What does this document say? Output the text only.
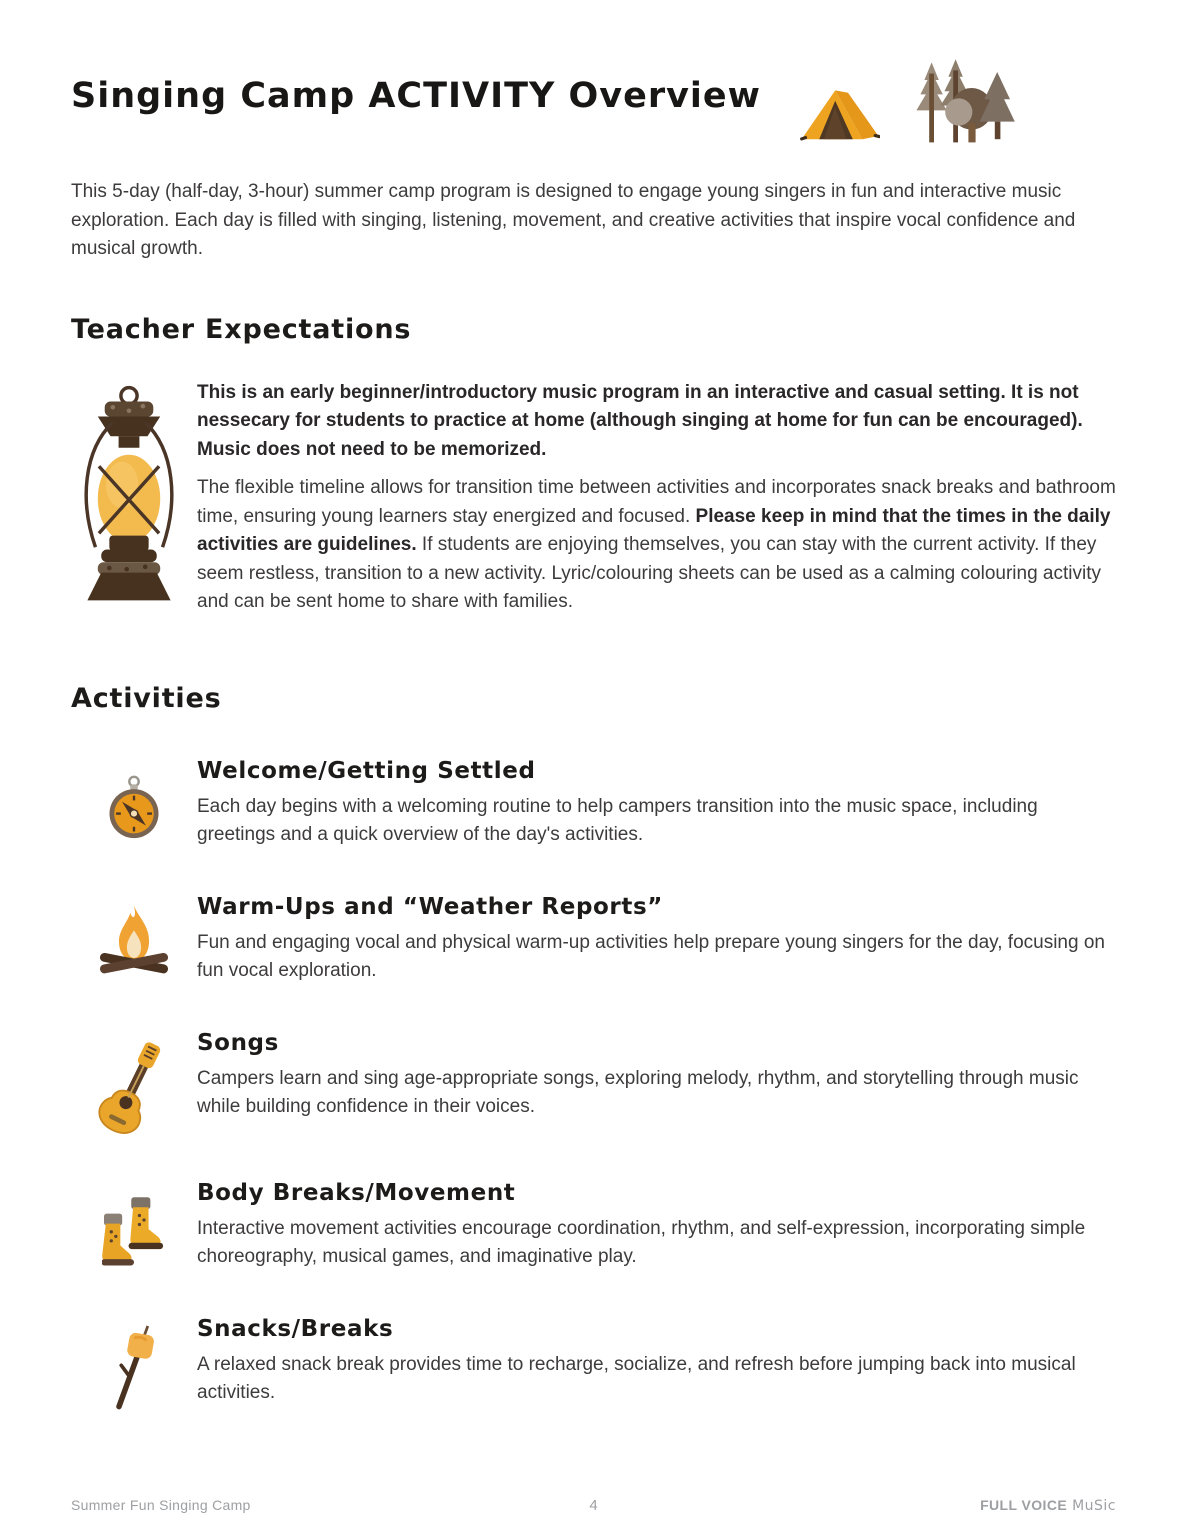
Singing Camp ACTIVITY Overview

This 5-day (half-day, 3-hour) summer camp program is designed to engage young singers in fun and interactive music exploration. Each day is filled with singing, listening, movement, and creative activities that inspire vocal confidence and musical growth.

Teacher Expectations

This is an early beginner/introductory music program in an interactive and casual setting. It is not nessecary for students to practice at home (although singing at home for fun can be encouraged). Music does not need to be memorized.

The flexible timeline allows for transition time between activities and incorporates snack breaks and bathroom time, ensuring young learners stay energized and focused. Please keep in mind that the times in the daily activities are guidelines. If students are enjoying themselves, you can stay with the current activity. If they seem restless, transition to a new activity. Lyric/colouring sheets can be used as a calming colouring activity and can be sent home to share with families.

Activities
Welcome/Getting Settled

Each day begins with a welcoming routine to help campers transition into the music space, including greetings and a quick overview of the day's activities.

Warm-Ups and “Weather Reports”

Fun and engaging vocal and physical warm-up activities help prepare young singers for the day, focusing on fun vocal exploration.

Songs

Campers learn and sing age-appropriate songs, exploring melody, rhythm, and storytelling through music while building confidence in their voices.

Body Breaks/Movement

Interactive movement activities encourage coordination, rhythm, and self-expression, incorporating simple choreography, musical games, and imaginative play.

Snacks/Breaks

A relaxed snack break provides time to recharge, socialize, and refresh before jumping back into musical activities.

Summer Fun Singing Camp	4	FULL VOICE MuSic
